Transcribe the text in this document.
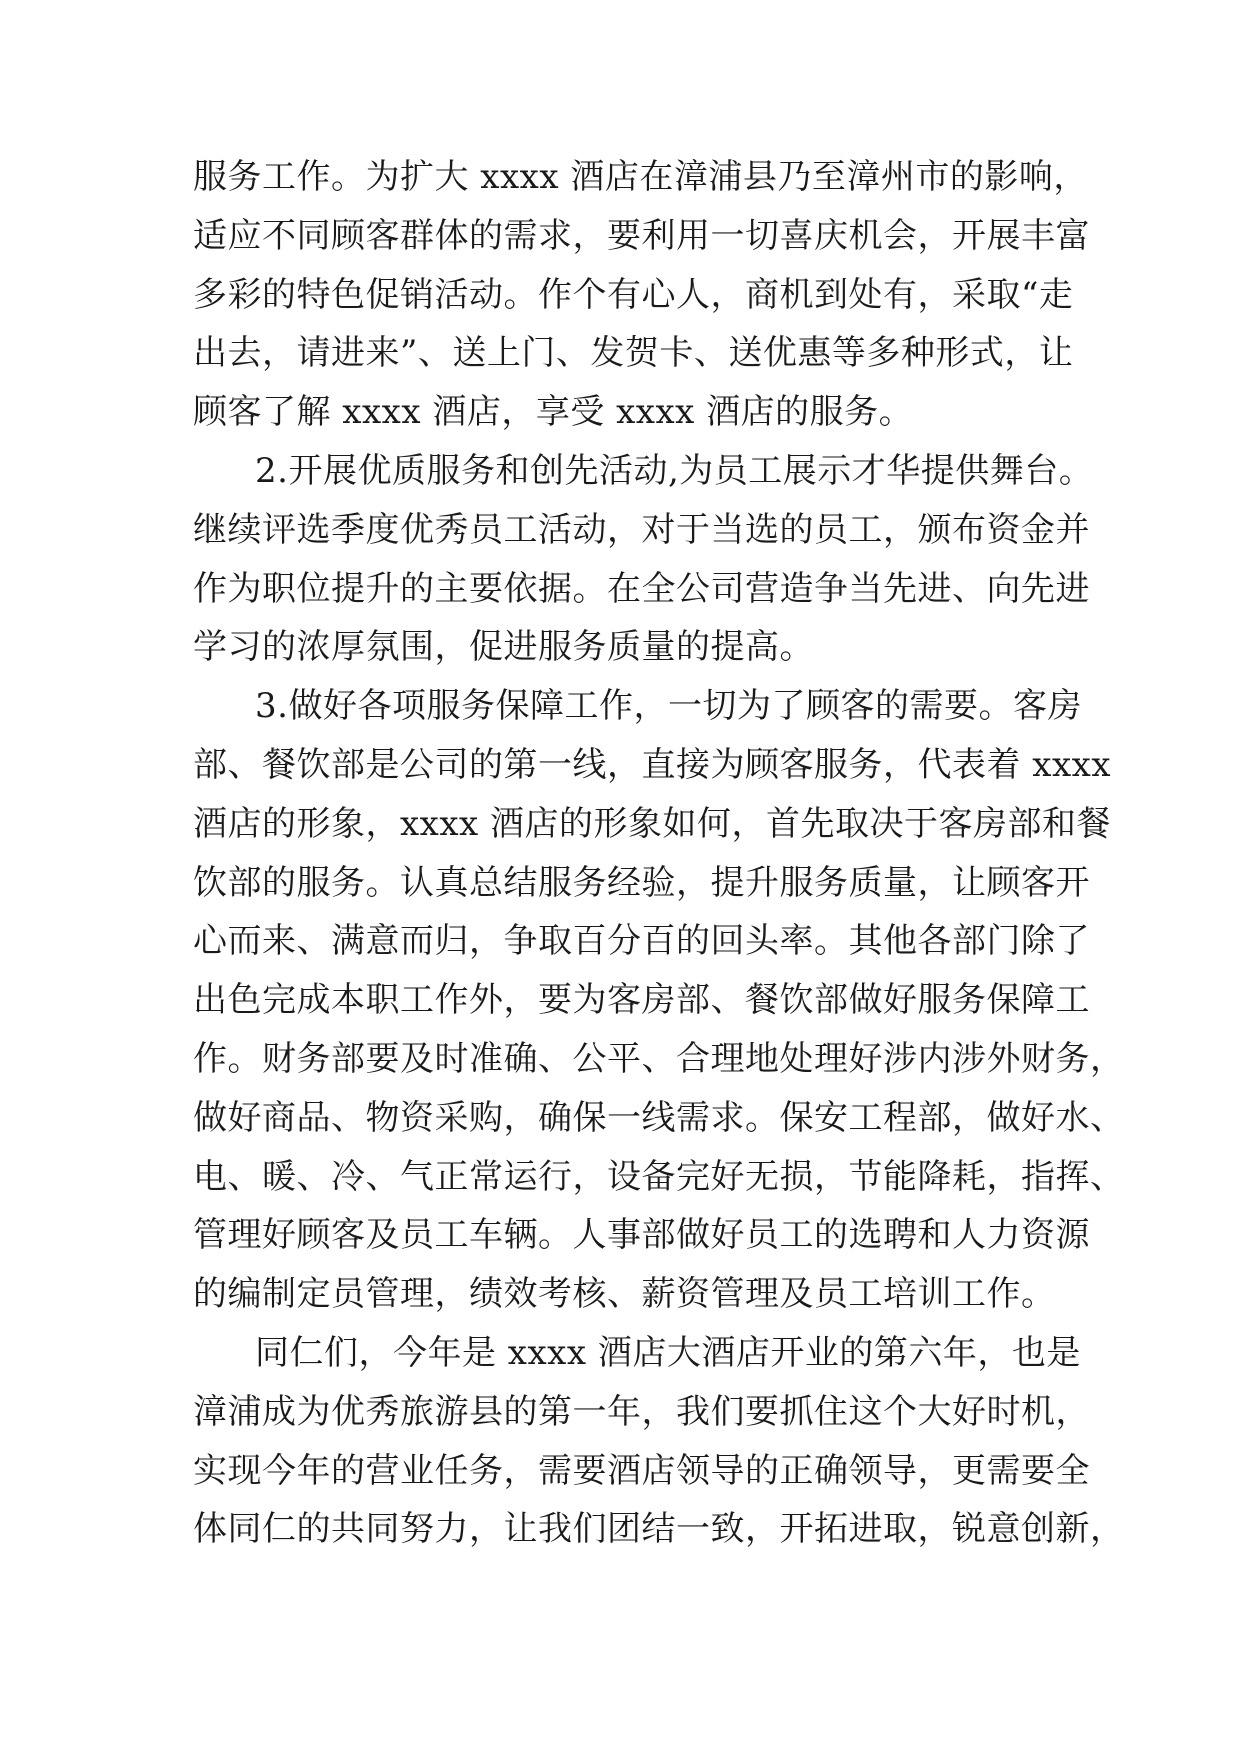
服务工作。为扩大 xxxx 酒店在漳浦县乃至漳州市的影响，
适应不同顾客群体的需求，要利用一切喜庆机会，开展丰富
多彩的特色促销活动。作个有心人，商机到处有，采取“走
出去，请进来”、送上门、发贺卡、送优惠等多种形式，让
顾客了解 xxxx 酒店，享受 xxxx 酒店的服务。
2.开展优质服务和创先活动,为员工展示才华提供舞台。
继续评选季度优秀员工活动，对于当选的员工，颁布资金并
作为职位提升的主要依据。在全公司营造争当先进、向先进
学习的浓厚氛围，促进服务质量的提高。
3.做好各项服务保障工作，一切为了顾客的需要。客房
部、餐饮部是公司的第一线，直接为顾客服务，代表着 xxxx
酒店的形象，xxxx 酒店的形象如何，首先取决于客房部和餐
饮部的服务。认真总结服务经验，提升服务质量，让顾客开
心而来、满意而归，争取百分百的回头率。其他各部门除了
出色完成本职工作外，要为客房部、餐饮部做好服务保障工
作。财务部要及时准确、公平、合理地处理好涉内涉外财务，
做好商品、物资采购，确保一线需求。保安工程部，做好水、
电、暖、冷、气正常运行，设备完好无损，节能降耗，指挥、
管理好顾客及员工车辆。人事部做好员工的选聘和人力资源
的编制定员管理，绩效考核、薪资管理及员工培训工作。
同仁们，今年是 xxxx 酒店大酒店开业的第六年，也是
漳浦成为优秀旅游县的第一年，我们要抓住这个大好时机，
实现今年的营业任务，需要酒店领导的正确领导，更需要全
体同仁的共同努力，让我们团结一致，开拓进取，锐意创新，
